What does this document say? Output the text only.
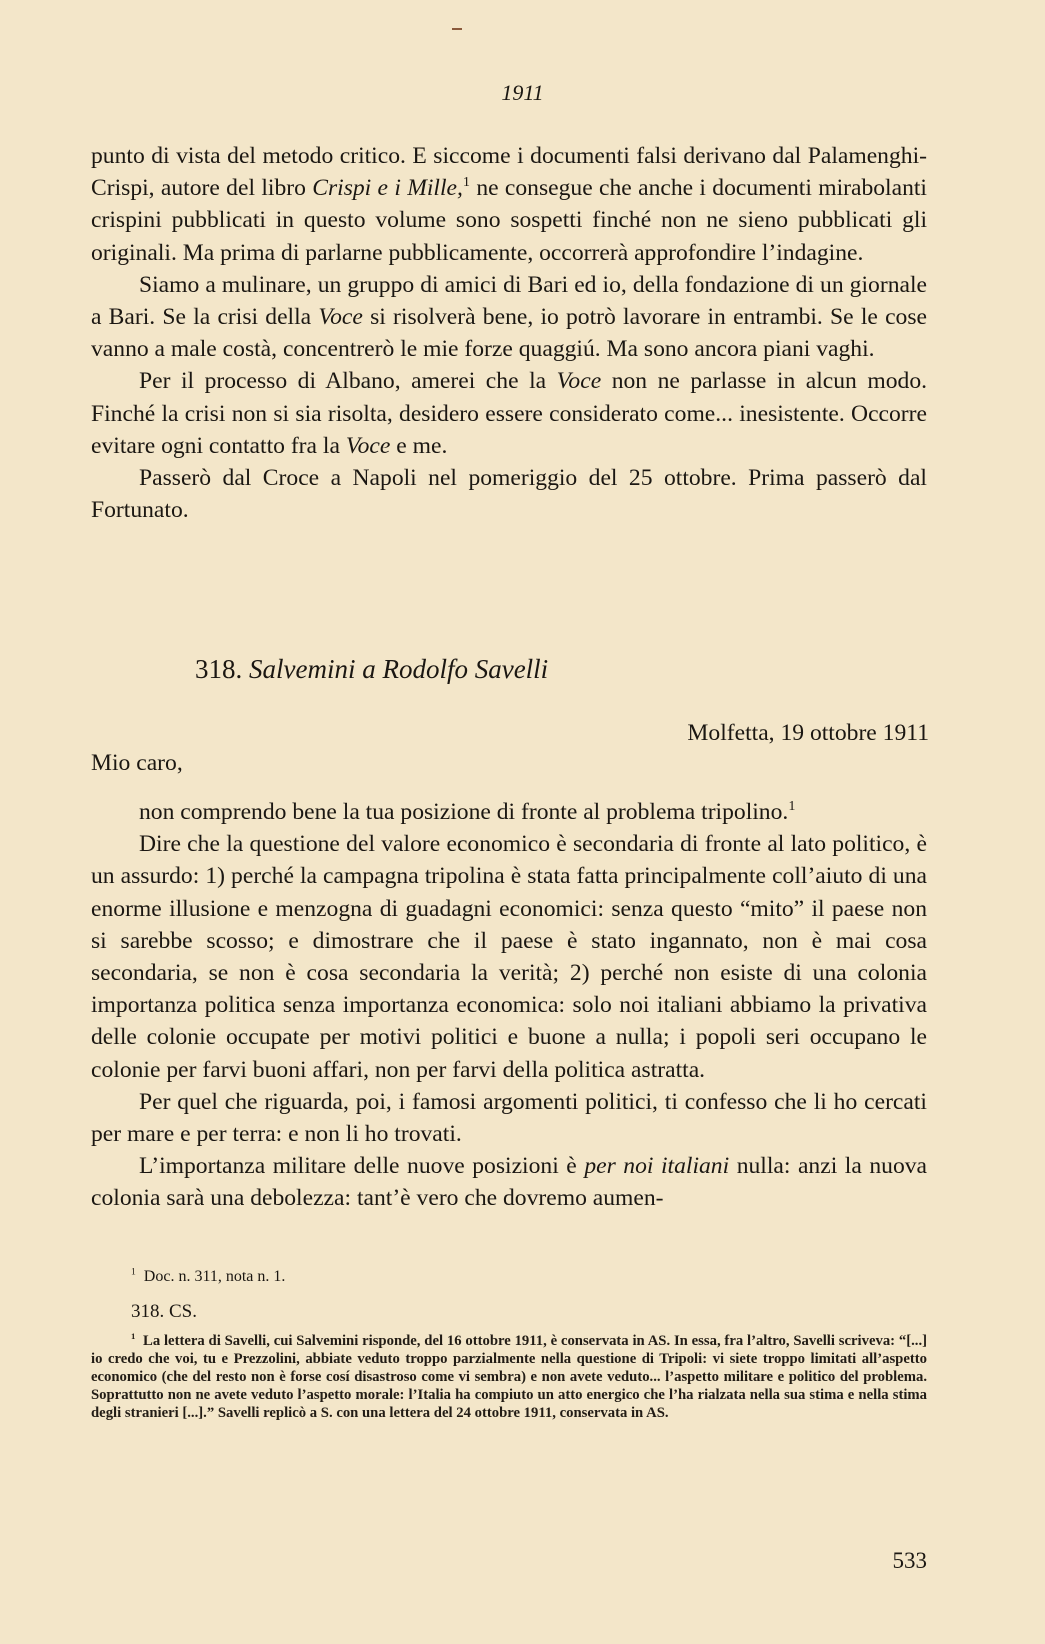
1911

punto di vista del metodo critico. E siccome i documenti falsi derivano dal Palamenghi-Crispi, autore del libro Crispi e i Mille,$^1$ ne consegue che anche i documenti mirabolanti crispini pubblicati in questo volume sono sospetti finché non ne sieno pubblicati gli originali. Ma prima di parlarne pubblicamente, occorrerà approfondire l’indagine.

Siamo a mulinare, un gruppo di amici di Bari ed io, della fondazione di un giornale a Bari. Se la crisi della Voce si risolverà bene, io potrò lavorare in entrambi. Se le cose vanno a male costà, concentrerò le mie forze quaggiú. Ma sono ancora piani vaghi.

Per il processo di Albano, amerei che la Voce non ne parlasse in alcun modo. Finché la crisi non si sia risolta, desidero essere considerato come... inesistente. Occorre evitare ogni contatto fra la Voce e me.

Passerò dal Croce a Napoli nel pomeriggio del 25 ottobre. Prima passerò dal Fortunato.

318. Salvemini a Rodolfo Savelli
Molfetta, 19 ottobre 1911
Mio caro,

non comprendo bene la tua posizione di fronte al problema tripolino.$^1$

Dire che la questione del valore economico è secondaria di fronte al lato politico, è un assurdo: 1) perché la campagna tripolina è stata fatta principalmente coll’aiuto di una enorme illusione e menzogna di guadagni economici: senza questo “mito” il paese non si sarebbe scosso; e dimostrare che il paese è stato ingannato, non è mai cosa secondaria, se non è cosa secondaria la verità; 2) perché non esiste di una colonia importanza politica senza importanza economica: solo noi italiani abbiamo la privativa delle colonie occupate per motivi politici e buone a nulla; i popoli seri occupano le colonie per farvi buoni affari, non per farvi della politica astratta.

Per quel che riguarda, poi, i famosi argomenti politici, ti confesso che li ho cercati per mare e per terra: e non li ho trovati.

L’importanza militare delle nuove posizioni è per noi italiani nulla: anzi la nuova colonia sarà una debolezza: tant’è vero che dovremo aumen-

$^1$ Doc. n. 311, nota n. 1.
318. CS.

$^1$ La lettera di Savelli, cui Salvemini risponde, del 16 ottobre 1911, è conservata in AS. In essa, fra l’altro, Savelli scriveva: “[...] io credo che voi, tu e Prezzolini, abbiate veduto troppo parzialmente nella questione di Tripoli: vi siete troppo limitati all’aspetto economico (che del resto non è forse cosí disastroso come vi sembra) e non avete veduto... l’aspetto militare e politico del problema. Soprattutto non ne avete veduto l’aspetto morale: l’Italia ha compiuto un atto energico che l’ha rialzata nella sua stima e nella stima degli stranieri [...].” Savelli replicò a S. con una lettera del 24 ottobre 1911, conservata in AS.

533
